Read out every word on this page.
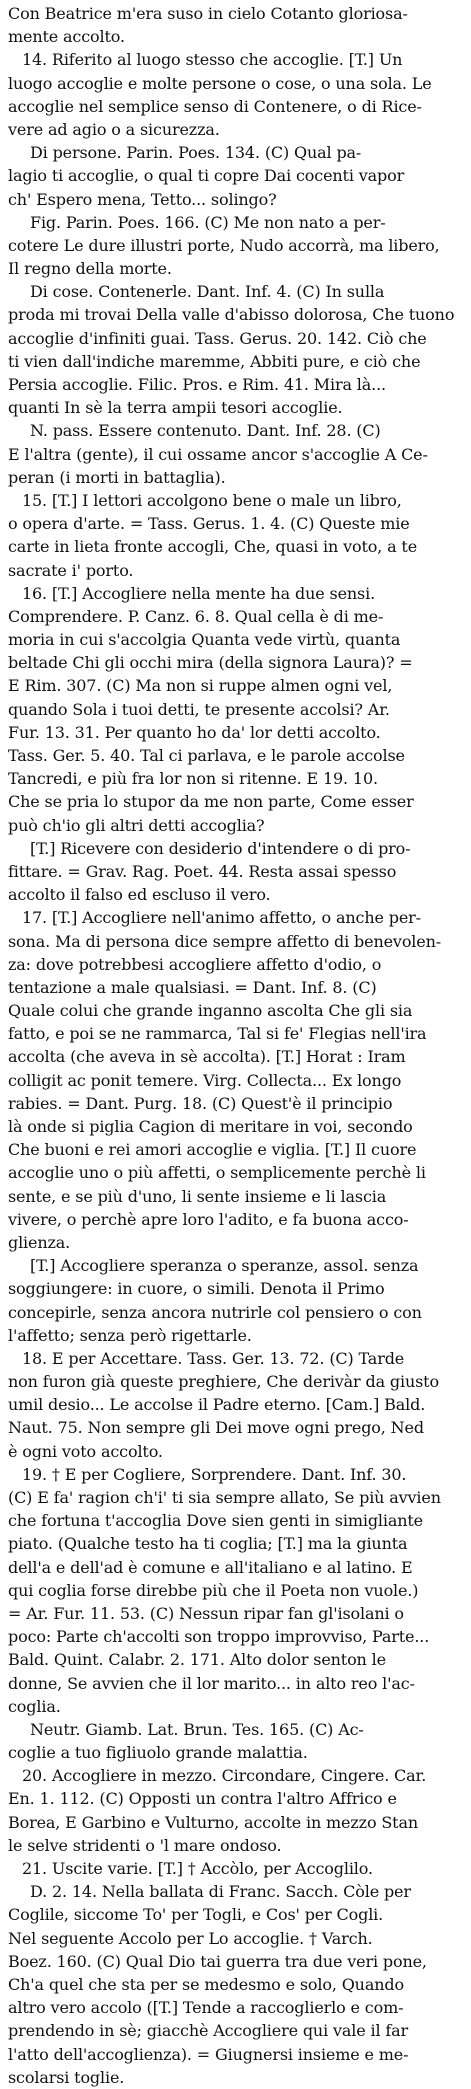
Con Beatrice m'era suso in cielo Cotanto gloriosa-
mente accolto.
14. Riferito al luogo stesso che accoglie. [T.] Un
luogo accoglie e molte persone o cose, o una sola. Le
accoglie nel semplice senso di Contenere, o di Rice-
vere ad agio o a sicurezza.
Di persone. Parin. Poes. 134. (C) Qual pa-
lagio ti accoglie, o qual ti copre Dai cocenti vapor
ch' Espero mena, Tetto... solingo?
Fig. Parin. Poes. 166. (C) Me non nato a per-
cotere Le dure illustri porte, Nudo accorrà, ma libero,
Il regno della morte.
Di cose. Contenerle. Dant. Inf. 4. (C) In sulla
proda mi trovai Della valle d'abisso dolorosa, Che tuono
accoglie d'infiniti guai. Tass. Gerus. 20. 142. Ciò che
ti vien dall'indiche maremme, Abbiti pure, e ciò che
Persia accoglie. Filic. Pros. e Rim. 41. Mira là...
quanti In sè la terra ampii tesori accoglie.
N. pass. Essere contenuto. Dant. Inf. 28. (C)
E l'altra (gente), il cui ossame ancor s'accoglie A Ce-
peran (i morti in battaglia).
15. [T.] I lettori accolgono bene o male un libro,
o opera d'arte. = Tass. Gerus. 1. 4. (C) Queste mie
carte in lieta fronte accogli, Che, quasi in voto, a te
sacrate i' porto.
16. [T.] Accogliere nella mente ha due sensi.
Comprendere. P. Canz. 6. 8. Qual cella è di me-
moria in cui s'accolgia Quanta vede virtù, quanta
beltade Chi gli occhi mira (della signora Laura)? =
E Rim. 307. (C) Ma non si ruppe almen ogni vel,
quando Sola i tuoi detti, te presente accolsi? Ar.
Fur. 13. 31. Per quanto ho da' lor detti accolto.
Tass. Ger. 5. 40. Tal ci parlava, e le parole accolse
Tancredi, e più fra lor non si ritenne. E 19. 10.
Che se pria lo stupor da me non parte, Come esser
può ch'io gli altri detti accoglia?
[T.] Ricevere con desiderio d'intendere o di pro-
fittare. = Grav. Rag. Poet. 44. Resta assai spesso
accolto il falso ed escluso il vero.
17. [T.] Accogliere nell'animo affetto, o anche per-
sona. Ma di persona dice sempre affetto di benevolen-
za: dove potrebbesi accogliere affetto d'odio, o
tentazione a male qualsiasi. = Dant. Inf. 8. (C)
Quale colui che grande inganno ascolta Che gli sia
fatto, e poi se ne rammarca, Tal si fe' Flegias nell'ira
accolta (che aveva in sè accolta). [T.] Horat : Iram
colligit ac ponit temere. Virg. Collecta... Ex longo
rabies. = Dant. Purg. 18. (C) Quest'è il principio
là onde si piglia Cagion di meritare in voi, secondo
Che buoni e rei amori accoglie e viglia. [T.] Il cuore
accoglie uno o più affetti, o semplicemente perchè li
sente, e se più d'uno, li sente insieme e li lascia
vivere, o perchè apre loro l'adito, e fa buona acco-
glienza.
[T.] Accogliere speranza o speranze, assol. senza
soggiungere: in cuore, o simili. Denota il Primo
concepirle, senza ancora nutrirle col pensiero o con
l'affetto; senza però rigettarle.
18. E per Accettare. Tass. Ger. 13. 72. (C) Tarde
non furon già queste preghiere, Che derivàr da giusto
umil desio... Le accolse il Padre eterno. [Cam.] Bald.
Naut. 75. Non sempre gli Dei move ogni prego, Ned
è ogni voto accolto.
19. † E per Cogliere, Sorprendere. Dant. Inf. 30.
(C) E fa' ragion ch'i' ti sia sempre allato, Se più avvien
che fortuna t'accoglia Dove sien genti in simigliante
piato. (Qualche testo ha ti coglia; [T.] ma la giunta
dell'a e dell'ad è comune e all'italiano e al latino. E
qui coglia forse direbbe più che il Poeta non vuole.)
= Ar. Fur. 11. 53. (C) Nessun ripar fan gl'isolani o
poco: Parte ch'accolti son troppo improvviso, Parte...
Bald. Quint. Calabr. 2. 171. Alto dolor senton le
donne, Se avvien che il lor marito... in alto reo l'ac-
coglia.
Neutr. Giamb. Lat. Brun. Tes. 165. (C) Ac-
coglie a tuo figliuolo grande malattia.
20. Accogliere in mezzo. Circondare, Cingere. Car.
En. 1. 112. (C) Opposti un contra l'altro Affrico e
Borea, E Garbino e Vulturno, accolte in mezzo Stan
le selve stridenti o 'l mare ondoso.
21. Uscite varie. [T.] † Accòlo, per Accoglilo.
D. 2. 14. Nella ballata di Franc. Sacch. Còle per
Coglile, siccome To' per Togli, e Cos' per Cogli.
Nel seguente Accolo per Lo accoglie. † Varch.
Boez. 160. (C) Qual Dio tai guerra tra due veri pone,
Ch'a quel che sta per se medesmo e solo, Quando
altro vero accolo ([T.] Tende a raccoglierlo e com-
prendendo in sè; giacchè Accogliere qui vale il far
l'atto dell'accoglienza). = Giugnersi insieme e me-
scolarsi toglie.
